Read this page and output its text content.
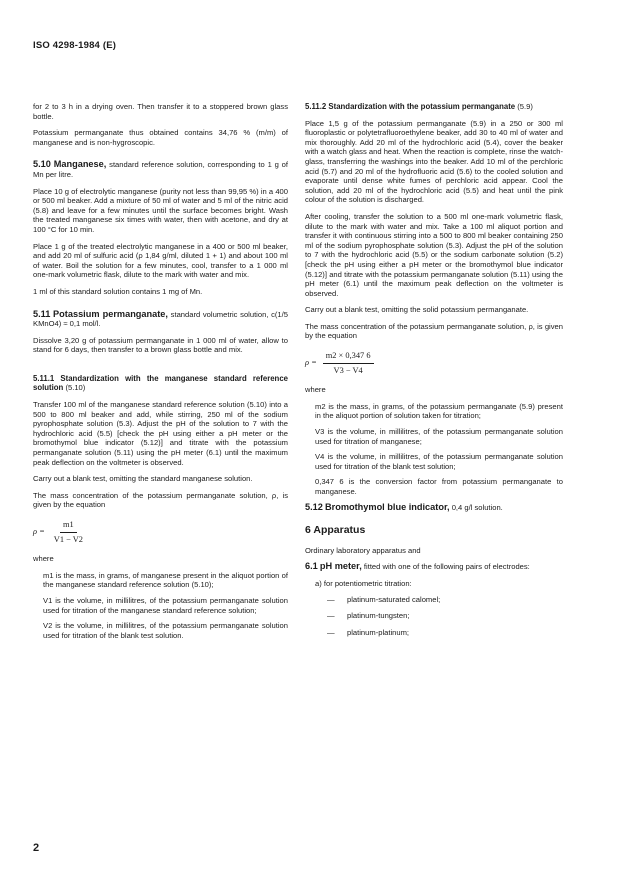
ISO 4298-1984 (E)

for 2 to 3 h in a drying oven. Then transfer it to a stoppered brown glass bottle.

Potassium permanganate thus obtained contains 34,76 % (m/m) of manganese and is non-hygroscopic.

5.10 Manganese, standard reference solution, corresponding to 1 g of Mn per litre.

Place 10 g of electrolytic manganese (purity not less than 99,95 %) in a 400 or 500 ml beaker. Add a mixture of 50 ml of water and 5 ml of the nitric acid (5.8) and leave for a few minutes until the surface becomes bright. Wash the treated manganese six times with water, then with acetone, and dry at 100 °C for 10 min.

Place 1 g of the treated electrolytic manganese in a 400 or 500 ml beaker, and add 20 ml of sulfuric acid (ρ 1,84 g/ml, diluted 1 + 1) and about 100 ml of water. Boil the solution for a few minutes, cool, transfer to a 1 000 ml one-mark volumetric flask, dilute to the mark with water and mix.

1 ml of this standard solution contains 1 mg of Mn.

5.11 Potassium permanganate, standard volumetric solution, c(1/5 KMnO4) ≈ 0,1 mol/l.

Dissolve 3,20 g of potassium permanganate in 1 000 ml of water, allow to stand for 6 days, then transfer to a brown glass bottle and mix.

5.11.1 Standardization with the manganese standard reference solution (5.10)

Transfer 100 ml of the manganese standard reference solution (5.10) into a 500 to 800 ml beaker and add, while stirring, 250 ml of the sodium pyrophosphate solution (5.3). Adjust the pH of the solution to 7 with the hydrochloric acid (5.5) [check the pH using either a pH meter or the bromothymol blue indicator (5.12)] and titrate with the potassium permanganate solution (5.11) using the pH meter (6.1) until the maximum peak deflection on the voltmeter is observed.

Carry out a blank test, omitting the standard manganese solution.

The mass concentration of the potassium permanganate solution, ρ, is given by the equation

$\rho = \frac{m1}{V1 - V2}$

where

m1 is the mass, in grams, of manganese present in the aliquot portion of the manganese standard reference solution (5.10);

V1 is the volume, in millilitres, of the potassium permanganate solution used for titration of the manganese standard reference solution;

V2 is the volume, in millilitres, of the potassium permanganate solution used for titration of the blank test solution.

5.11.2 Standardization with the potassium permanganate (5.9)

Place 1,5 g of the potassium permanganate (5.9) in a 250 or 300 ml fluoroplastic or polytetrafluoroethylene beaker, add 30 to 40 ml of water and mix thoroughly. Add 20 ml of the hydrochloric acid (5.4), cover the beaker with a watch glass and heat. When the reaction is complete, rinse the watch-glass, transferring the washings into the beaker. Add 10 ml of the perchloric acid (5.7) and 20 ml of the hydrofluoric acid (5.6) to the cooled solution and evaporate until dense white fumes of perchloric acid appear. Cool the solution, add 20 ml of the hydrochloric acid (5.5) and heat until the pink colour of the solution is discharged.

After cooling, transfer the solution to a 500 ml one-mark volumetric flask, dilute to the mark with water and mix. Take a 100 ml aliquot portion and transfer it with continuous stirring into a 500 to 800 ml beaker containing 250 ml of the sodium pyrophosphate solution (5.3). Adjust the pH of the solution to 7 with the hydrochloric acid (5.5) or the sodium carbonate solution (5.2) [check the pH using either a pH meter or the bromothymol blue indicator (5.12)] and titrate with the potassium permanganate solution (5.11) using the pH meter (6.1) until the maximum peak deflection on the voltmeter is observed.

Carry out a blank test, omitting the solid potassium permanganate.

The mass concentration of the potassium permanganate solution, ρ, is given by the equation

$\rho = \frac{m2 \times 0,347 6}{V3 - V4}$

where

m2 is the mass, in grams, of the potassium permanganate (5.9) present in the aliquot portion of solution taken for titration;

V3 is the volume, in millilitres, of the potassium permanganate solution used for titration of manganese;

V4 is the volume, in millilitres, of the potassium permanganate solution used for titration of the blank test solution;

0,347 6 is the conversion factor from potassium permanganate to manganese.

5.12 Bromothymol blue indicator, 0,4 g/l solution.

6 Apparatus

Ordinary laboratory apparatus and

6.1 pH meter, fitted with one of the following pairs of electrodes:

a) for potentiometric titration:
— platinum-saturated calomel;
— platinum-tungsten;
— platinum-platinum;
2
